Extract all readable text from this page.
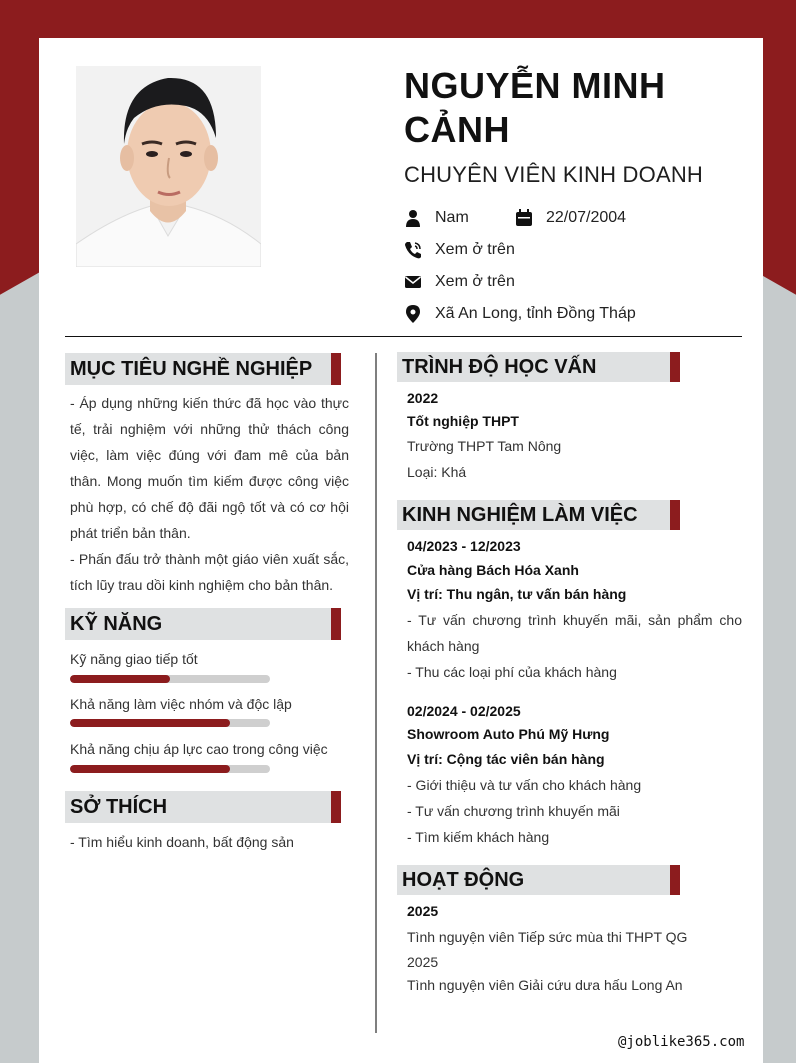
NGUYỄN MINH CẢNH
CHUYÊN VIÊN KINH DOANH
Nam	22/07/2004
Xem ở trên
Xem ở trên
Xã An Long, tỉnh Đồng Tháp
MỤC TIÊU NGHỀ NGHIỆP
- Áp dụng những kiến thức đã học vào thực tế, trải nghiệm với những thử thách công việc, làm việc đúng với đam mê của bản thân. Mong muốn tìm kiếm được công việc phù hợp, có chế độ đãi ngộ tốt và có cơ hội phát triển bản thân.
- Phấn đấu trở thành một giáo viên xuất sắc, tích lũy trau dồi kinh nghiệm cho bản thân.
KỸ NĂNG
Kỹ năng giao tiếp tốt
Khả năng làm việc nhóm và độc lập
Khả năng chịu áp lực cao trong công việc
SỞ THÍCH
- Tìm hiểu kinh doanh, bất động sản
TRÌNH ĐỘ HỌC VẤN
2022
Tốt nghiệp THPT
Trường THPT Tam Nông
Loại: Khá
KINH NGHIỆM LÀM VIỆC
04/2023 - 12/2023
Cửa hàng Bách Hóa Xanh
Vị trí: Thu ngân, tư vấn bán hàng
- Tư vấn chương trình khuyến mãi, sản phẩm cho khách hàng
- Thu các loại phí của khách hàng
02/2024 - 02/2025
Showroom Auto Phú Mỹ Hưng
Vị trí: Cộng tác viên bán hàng
- Giới thiệu và tư vấn cho khách hàng
- Tư vấn chương trình khuyến mãi
- Tìm kiếm khách hàng
HOẠT ĐỘNG
2025
Tình nguyện viên Tiếp sức mùa thi THPT QG 2025
Tình nguyện viên Giải cứu dưa hấu Long An
@joblike365.com
